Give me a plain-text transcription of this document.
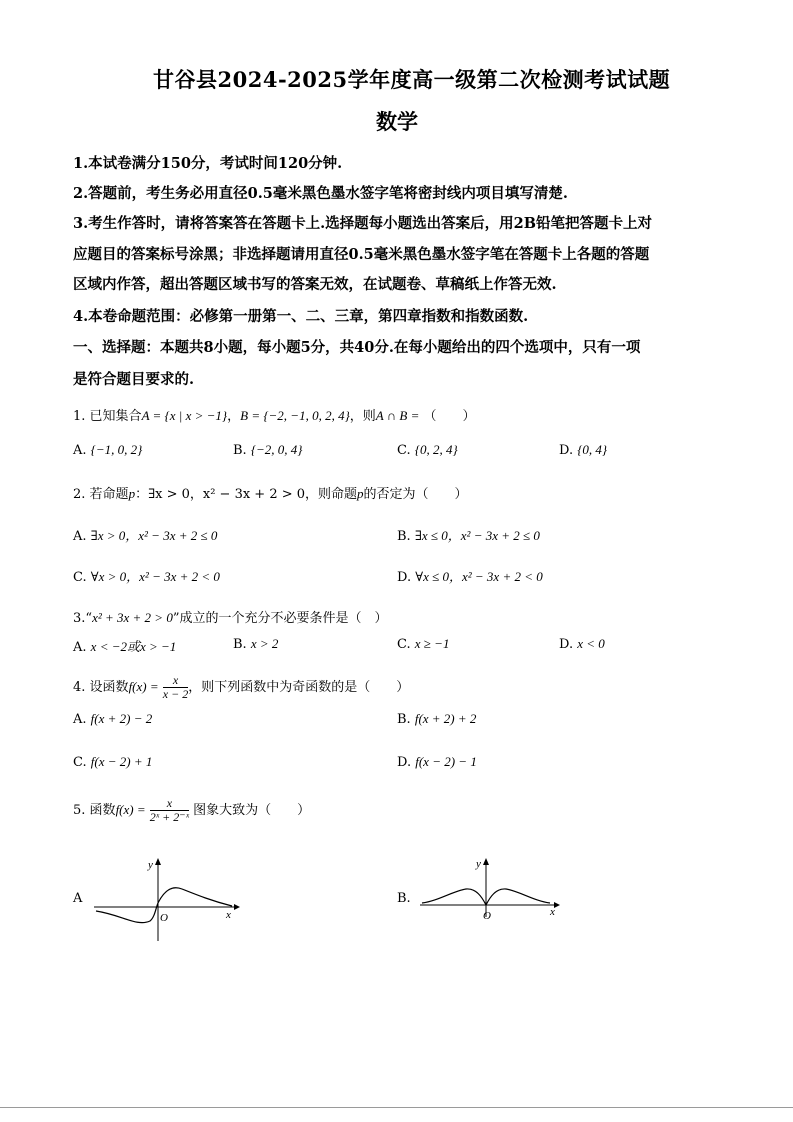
甘谷县2024-2025学年度高一级第二次检测考试试题
数学
1.本试卷满分150分，考试时间120分钟.
2.答题前，考生务必用直径0.5毫米黑色墨水签字笔将密封线内项目填写清楚.
3.考生作答时，请将答案答在答题卡上.选择题每小题选出答案后，用2B铅笔把答题卡上对
应题目的答案标号涂黑；非选择题请用直径0.5毫米黑色墨水签字笔在答题卡上各题的答题
区域内作答，超出答题区域书写的答案无效，在试题卷、草稿纸上作答无效.
4.本卷命题范围：必修第一册第一、二、三章，第四章指数和指数函数.
一、选择题：本题共8小题，每小题5分，共40分.在每小题给出的四个选项中，只有一项
是符合题目要求的.
1. 已知集合A = {x | x > −1}，B = {−2, −1, 0, 2, 4}，则A ∩ B = （　　）
A. {−1, 0, 2}	B. {−2, 0, 4}	C. {0, 2, 4}	D. {0, 4}
2. 若命题p：∃x > 0，x² − 3x + 2 > 0，则命题p的否定为（　　）
A. ∃x > 0，x² − 3x + 2 ≤ 0	B. ∃x ≤ 0，x² − 3x + 2 ≤ 0
C. ∀x > 0，x² − 3x + 2 < 0	D. ∀x ≤ 0，x² − 3x + 2 < 0
3.“x² + 3x + 2 > 0”成立的一个充分不必要条件是（　）
A. x < −2或x > −1	B. x > 2	C. x ≥ −1	D. x < 0
4. 设函数$f(x) = \frac{x}{x - 2}$ ，则下列函数中为奇函数的是（　　）
A. f(x + 2) − 2	B. f(x + 2) + 2
C. f(x − 2) + 1	D. f(x − 2) − 1
5. 函数$f(x) = \frac{x}{\text{2ˣ + 2⁻ˣ}}$ 图象大致为（　　）
A
y
O	x
B.
y
O	x
